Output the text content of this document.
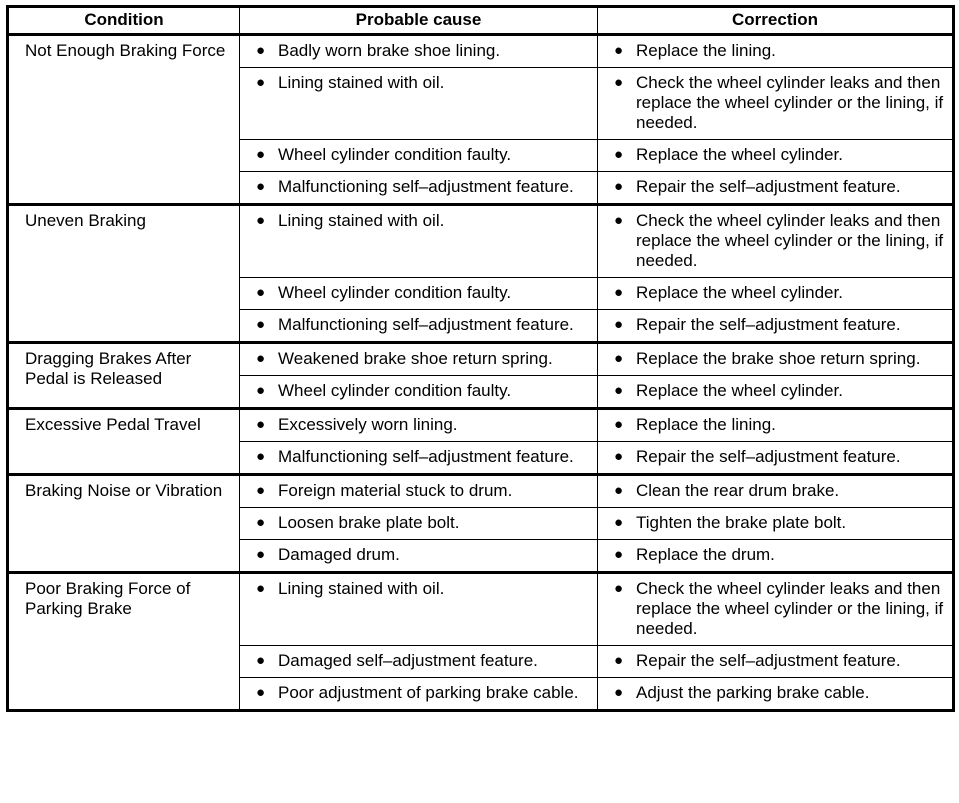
Condition	Probable cause	Correction
Not Enough Braking Force	● Badly worn brake shoe lining.	● Replace the lining.

	● Lining stained with oil.	● Check the wheel cylinder leaks and then replace the wheel cylinder or the lining, if needed.

	● Wheel cylinder condition faulty.	● Replace the wheel cylinder.

	● Malfunctioning self–adjustment feature.	● Repair the self–adjustment feature.

Uneven Braking	● Lining stained with oil.	● Check the wheel cylinder leaks and then replace the wheel cylinder or the lining, if needed.

	● Wheel cylinder condition faulty.	● Replace the wheel cylinder.

	● Malfunctioning self–adjustment feature.	● Repair the self–adjustment feature.

Dragging Brakes After Pedal is Released	● Weakened brake shoe return spring.	● Replace the brake shoe return spring.

	● Wheel cylinder condition faulty.	● Replace the wheel cylinder.

Excessive Pedal Travel	● Excessively worn lining.	● Replace the lining.

	● Malfunctioning self–adjustment feature.	● Repair the self–adjustment feature.

Braking Noise or Vibration	● Foreign material stuck to drum.	● Clean the rear drum brake.

	● Loosen brake plate bolt.	● Tighten the brake plate bolt.

	● Damaged drum.	● Replace the drum.

Poor Braking Force of Parking Brake	● Lining stained with oil.	● Check the wheel cylinder leaks and then replace the wheel cylinder or the lining, if needed.

	● Damaged self–adjustment feature.	● Repair the self–adjustment feature.

	● Poor adjustment of parking brake cable.	● Adjust the parking brake cable.
